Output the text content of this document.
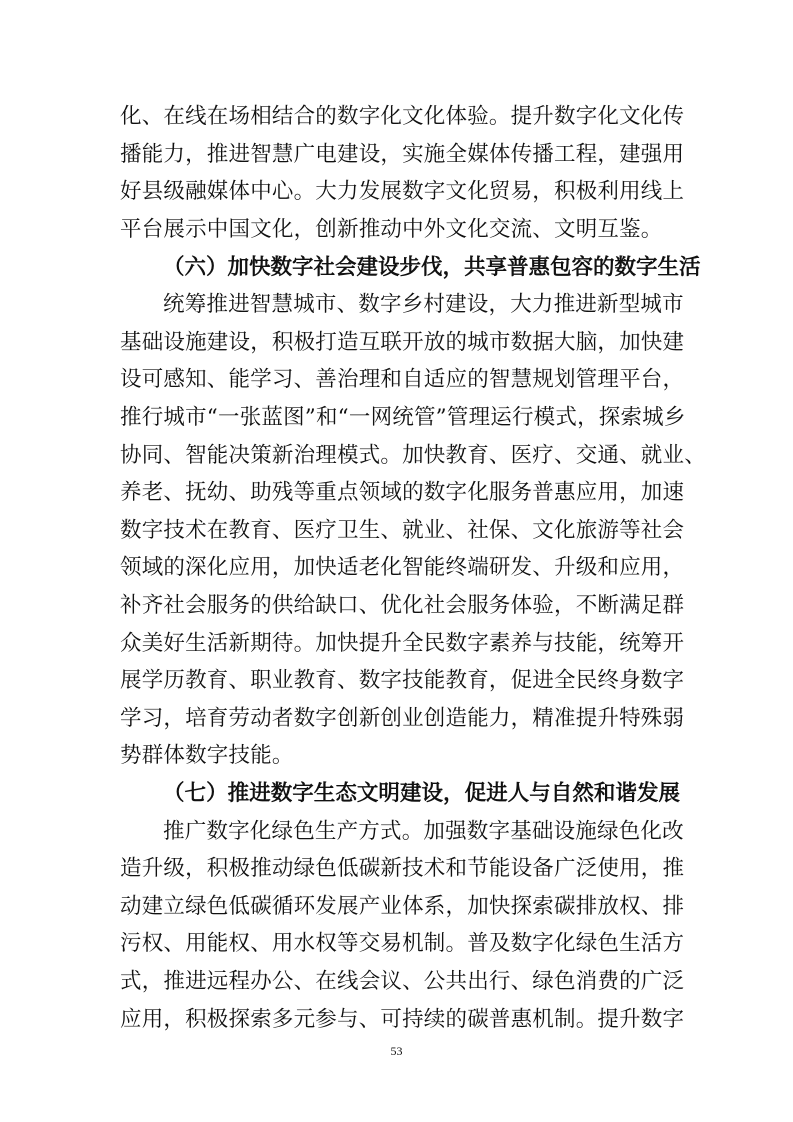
化、在线在场相结合的数字化文化体验。提升数字化文化传
播能力，推进智慧广电建设，实施全媒体传播工程，建强用
好县级融媒体中心。大力发展数字文化贸易，积极利用线上
平台展示中国文化，创新推动中外文化交流、文明互鉴。
（六）加快数字社会建设步伐，共享普惠包容的数字生活
统筹推进智慧城市、数字乡村建设，大力推进新型城市
基础设施建设，积极打造互联开放的城市数据大脑，加快建
设可感知、能学习、善治理和自适应的智慧规划管理平台，
推行城市“一张蓝图”和“一网统管”管理运行模式，探索城乡
协同、智能决策新治理模式。加快教育、医疗、交通、就业、
养老、抚幼、助残等重点领域的数字化服务普惠应用，加速
数字技术在教育、医疗卫生、就业、社保、文化旅游等社会
领域的深化应用，加快适老化智能终端研发、升级和应用，
补齐社会服务的供给缺口、优化社会服务体验，不断满足群
众美好生活新期待。加快提升全民数字素养与技能，统筹开
展学历教育、职业教育、数字技能教育，促进全民终身数字
学习，培育劳动者数字创新创业创造能力，精准提升特殊弱
势群体数字技能。
（七）推进数字生态文明建设，促进人与自然和谐发展
推广数字化绿色生产方式。加强数字基础设施绿色化改
造升级，积极推动绿色低碳新技术和节能设备广泛使用，推
动建立绿色低碳循环发展产业体系，加快探索碳排放权、排
污权、用能权、用水权等交易机制。普及数字化绿色生活方
式，推进远程办公、在线会议、公共出行、绿色消费的广泛
应用，积极探索多元参与、可持续的碳普惠机制。提升数字
53
